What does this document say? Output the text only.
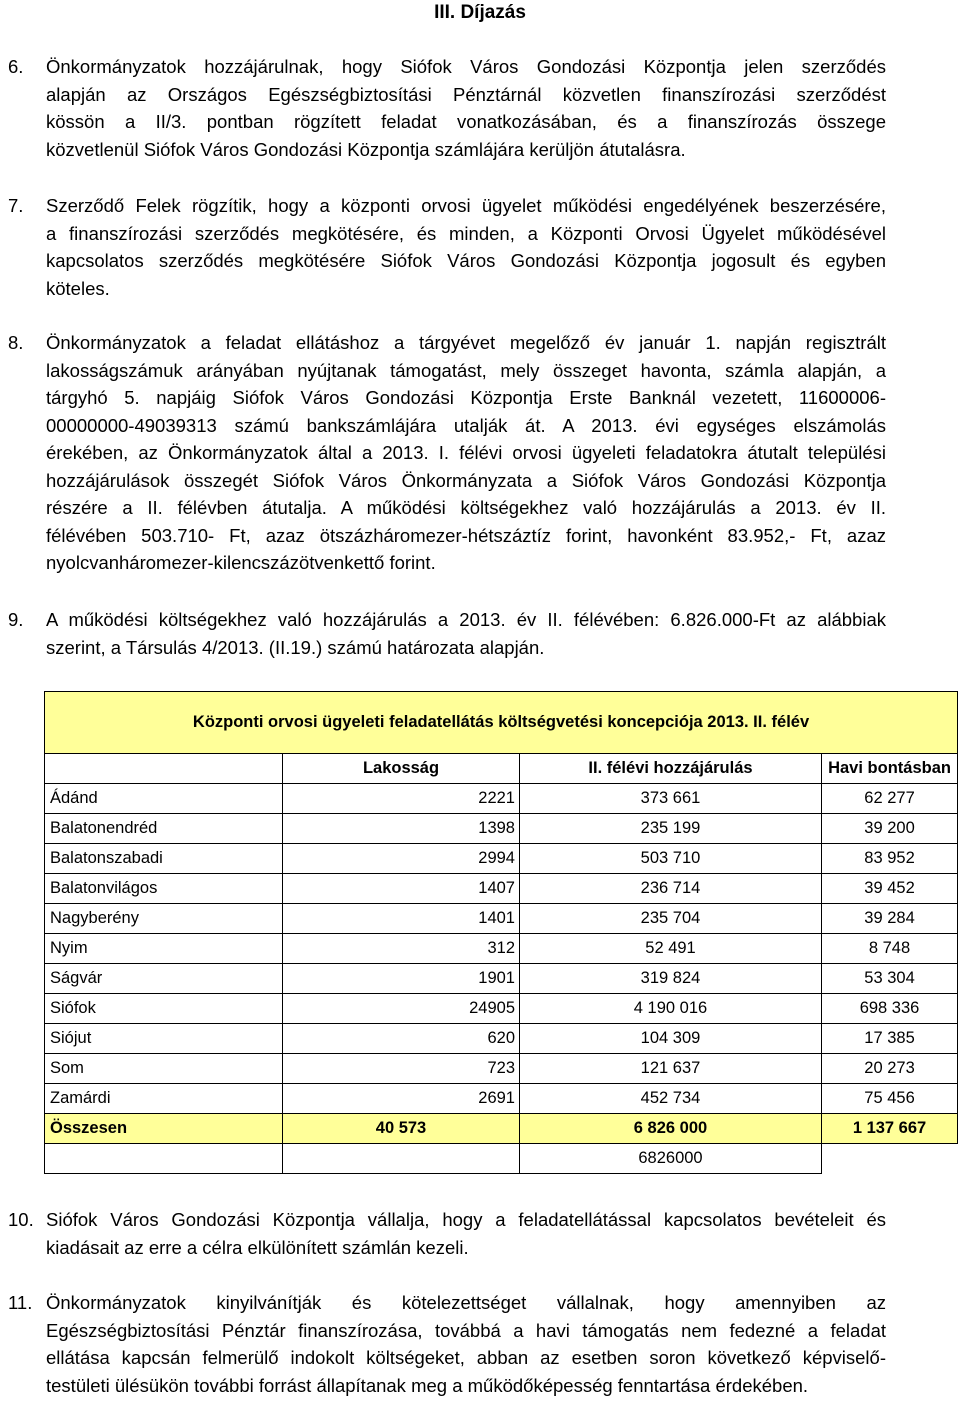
III. Díjazás
6.	Önkormányzatok hozzájárulnak, hogy Siófok Város Gondozási Központja jelen szerződés
alapján az Országos Egészségbiztosítási Pénztárnál közvetlen finanszírozási szerződést
kössön a II/3. pontban rögzített feladat vonatkozásában, és a finanszírozás összege
közvetlenül Siófok Város Gondozási Központja számlájára kerüljön átutalásra.
7.	Szerződő Felek rögzítik, hogy a központi orvosi ügyelet működési engedélyének beszerzésére,
a finanszírozási szerződés megkötésére, és minden, a Központi Orvosi Ügyelet működésével
kapcsolatos szerződés megkötésére Siófok Város Gondozási Központja jogosult és egyben
köteles.
8.	Önkormányzatok a feladat ellátáshoz a tárgyévet megelőző év január 1. napján regisztrált
lakosságszámuk arányában nyújtanak támogatást, mely összeget havonta, számla alapján, a
tárgyhó 5. napjáig Siófok Város Gondozási Központja Erste Banknál vezetett, 11600006-
00000000-49039313 számú bankszámlájára utalják át. A 2013. évi egységes elszámolás
érekében, az Önkormányzatok által a 2013. I. félévi orvosi ügyeleti feladatokra átutalt települési
hozzájárulások összegét Siófok Város Önkormányzata a Siófok Város Gondozási Központja
részére a II. félévben átutalja. A működési költségekhez való hozzájárulás a 2013. év II.
félévében 503.710- Ft, azaz ötszázháromezer-hétszáztíz forint, havonként 83.952,- Ft, azaz
nyolcvanháromezer-kilencszázötvenkettő forint.
9.	A működési költségekhez való hozzájárulás a 2013. év II. félévében: 6.826.000-Ft az alábbiak
szerint, a Társulás 4/2013. (II.19.) számú határozata alapján.
Központi orvosi ügyeleti feladatellátás költségvetési koncepciója 2013. II. félév			
	Lakosság	II. félévi hozzájárulás	Havi bontásban
Ádánd	2221	373 661	62 277
Balatonendréd	1398	235 199	39 200
Balatonszabadi	2994	503 710	83 952
Balatonvilágos	1407	236 714	39 452
Nagyberény	1401	235 704	39 284
Nyim	312	52 491	8 748
Ságvár	1901	319 824	53 304
Siófok	24905	4 190 016	698 336
Siójut	620	104 309	17 385
Som	723	121 637	20 273
Zamárdi	2691	452 734	75 456
Összesen	40 573	6 826 000	1 137 667
		6826000	
10. Siófok Város Gondozási Központja vállalja, hogy a feladatellátással kapcsolatos bevételeit és
kiadásait az erre a célra elkülönített számlán kezeli.
11. Önkormányzatok kinyilvánítják és kötelezettséget vállalnak, hogy amennyiben az
Egészségbiztosítási Pénztár finanszírozása, továbbá a havi támogatás nem fedezné a feladat
ellátása kapcsán felmerülő indokolt költségeket, abban az esetben soron következő képviselő-
testületi ülésükön további forrást állapítanak meg a működőképesség fenntartása érdekében.
